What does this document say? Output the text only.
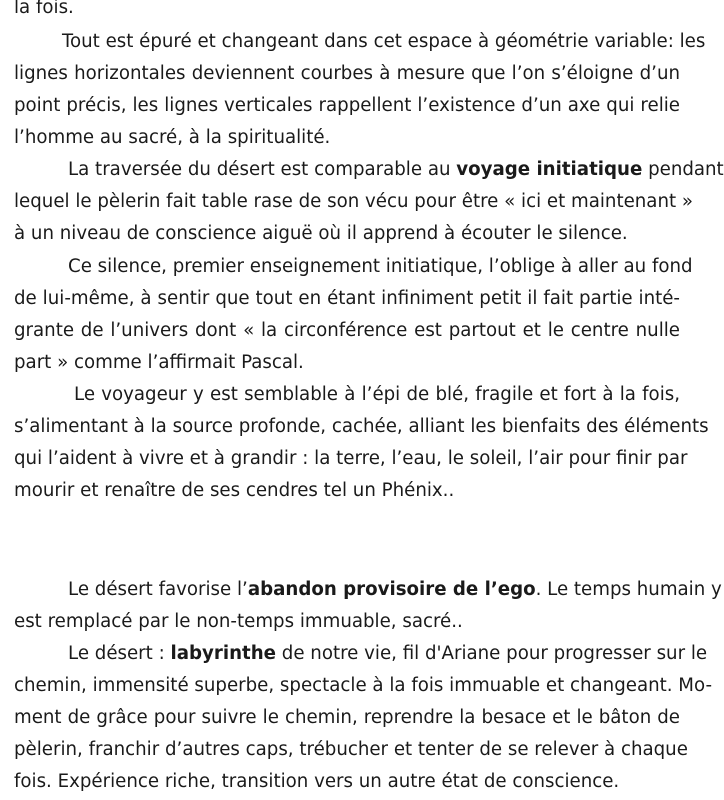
la fois.
Tout est épuré et changeant dans cet espace à géométrie variable: les
lignes horizontales deviennent courbes à mesure que l’on s’éloigne d’un
point précis, les lignes verticales rappellent l’existence d’un axe qui relie
l’homme au sacré, à la spiritualité.
La traversée du désert est comparable au voyage initiatique pendant
lequel le pèlerin fait table rase de son vécu pour être « ici et maintenant »
à un niveau de conscience aiguë où il apprend à écouter le silence.
Ce silence, premier enseignement initiatique, l’oblige à aller au fond
de lui-même, à sentir que tout en étant infiniment petit il fait partie inté-
grante de l’univers dont « la circonférence est partout et le centre nulle
part » comme l’affirmait Pascal.
Le voyageur y est semblable à l’épi de blé, fragile et fort à la fois,
s’alimentant à la source profonde, cachée, alliant les bienfaits des éléments
qui l’aident à vivre et à grandir : la terre, l’eau, le soleil, l’air pour finir par
mourir et renaître de ses cendres tel un Phénix..
Le désert favorise l’abandon provisoire de l’ego. Le temps humain y
est remplacé par le non-temps immuable, sacré..
Le désert : labyrinthe de notre vie, fil d'Ariane pour progresser sur le
chemin, immensité superbe, spectacle à la fois immuable et changeant. Mo-
ment de grâce pour suivre le chemin, reprendre la besace et le bâton de
pèlerin, franchir d’autres caps, trébucher et tenter de se relever à chaque
fois. Expérience riche, transition vers un autre état de conscience.
